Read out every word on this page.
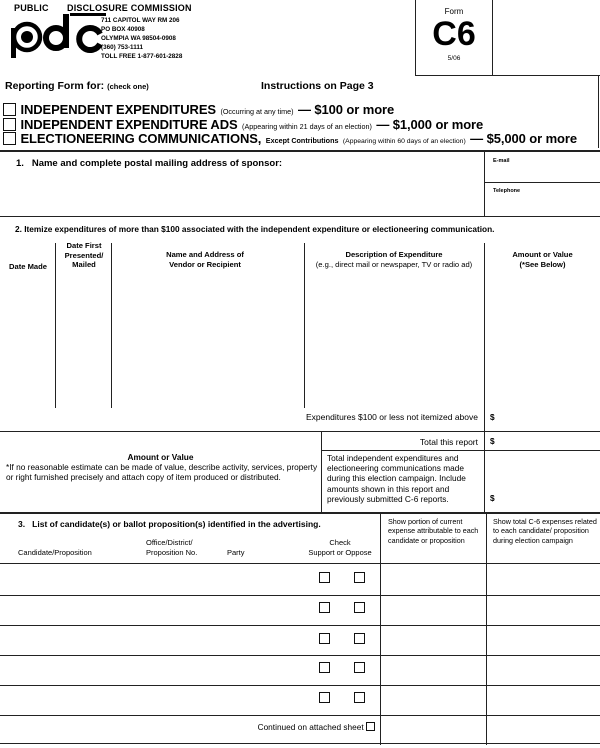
PUBLIC DISCLOSURE COMMISSION
711 CAPITOL WAY RM 206
PO BOX 40908
OLYMPIA WA 98504-0908
(360) 753-1111
TOLL FREE 1-877-601-2828
Form
C6
5/06
Reporting Form for: (check one)	Instructions on Page 3
INDEPENDENT EXPENDITURES (Occurring at any time) — $100 or more
INDEPENDENT EXPENDITURE ADS (Appearing within 21 days of an election) — $1,000 or more
ELECTIONEERING COMMUNICATIONS, Except Contributions (Appearing within 60 days of an election) — $5,000 or more
1.   Name and complete postal mailing address of sponsor:	E-mail
Telephone
2. Itemize expenditures of more than $100 associated with the independent expenditure or electioneering communication.
Date Made
Date First Presented/ Mailed
Name and Address of Vendor or Recipient
Description of Expenditure
(e.g., direct mail or newspaper, TV or radio ad)
Amount or Value (*See Below)
Expenditures $100 or less not itemized above	$
Total this report	$
Amount or Value
*If no reasonable estimate can be made of value, describe activity, services, property or right furnished precisely and attach copy of item produced or distributed.
Total independent expenditures and electioneering communications made during this election campaign. Include amounts shown in this report and previously submitted C-6 reports.	$
3.   List of candidate(s) or ballot proposition(s) identified in the advertising.
Candidate/Proposition
Office/District/ Proposition No.	Party
Check
Support or Oppose
Show portion of current expense attributable to each candidate or proposition
Show total C-6 expenses related to each candidate/ proposition during election campaign
Continued on attached sheet
